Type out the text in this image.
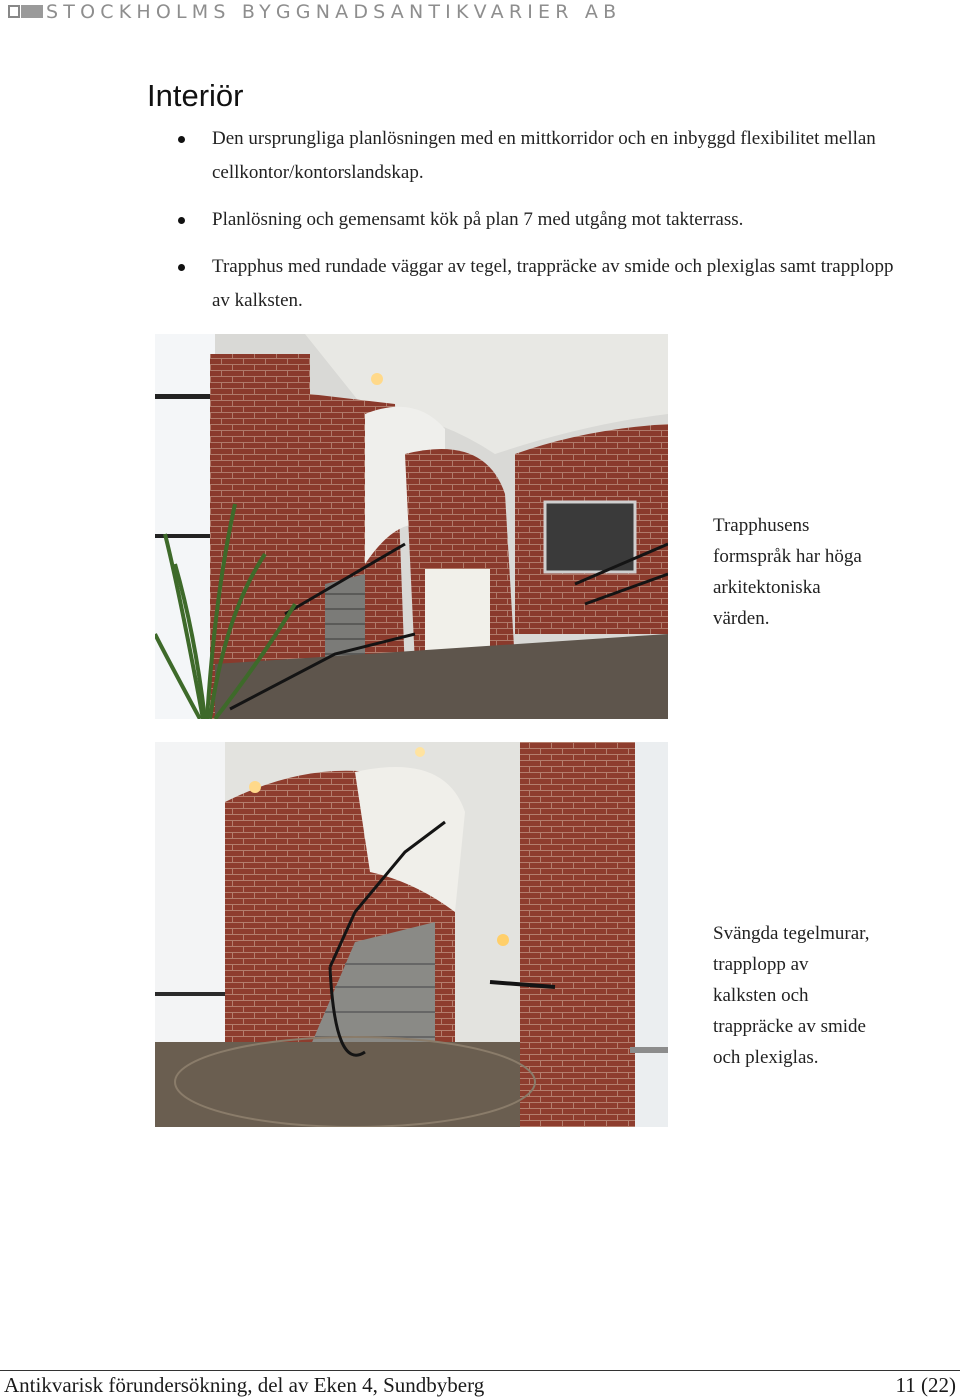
STOCKHOLMS BYGGNADSANTIKVARIER AB
Interiör
Den ursprungliga planlösningen med en mittkorridor och en inbyggd flexibilitet mellan cellkontor/kontorslandskap.
Planlösning och gemensamt kök på plan 7 med utgång mot takterrass.
Trapphus med rundade väggar av tegel, trappräcke av smide och plexiglas samt trapplopp av kalksten.
Trapphusens
formspråk har höga
arkitektoniska
värden.
Svängda tegelmurar,
trapplopp av
kalksten och
trappräcke av smide
och plexiglas.
Antikvarisk förundersökning, del av Eken 4, Sundbyberg	11 (22)
